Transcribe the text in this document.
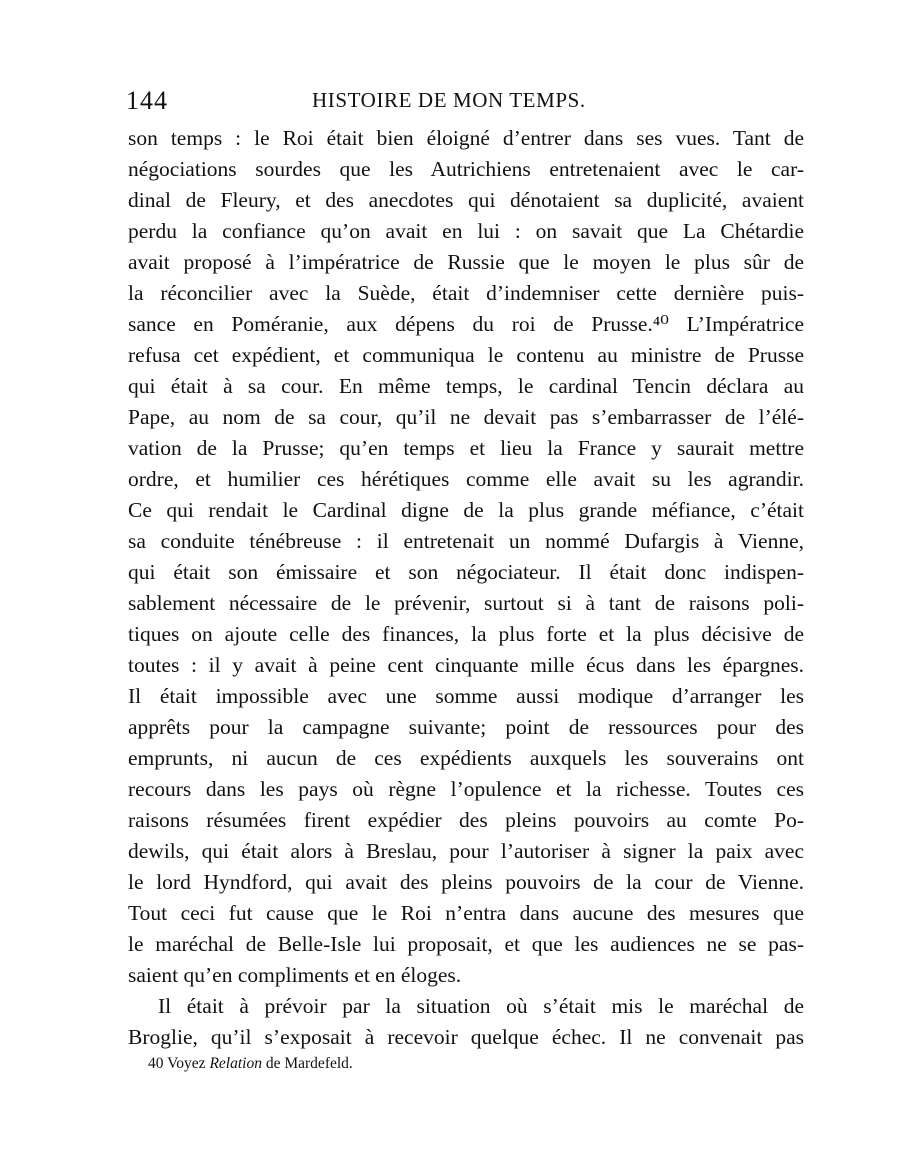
144	HISTOIRE DE MON TEMPS.
son temps : le Roi était bien éloigné d’entrer dans ses vues. Tant de
négociations sourdes que les Autrichiens entretenaient avec le car-
dinal de Fleury, et des anecdotes qui dénotaient sa duplicité, avaient
perdu la confiance qu’on avait en lui : on savait que La Chétardie
avait proposé à l’impératrice de Russie que le moyen le plus sûr de
la réconcilier avec la Suède, était d’indemniser cette dernière puis-
sance en Poméranie, aux dépens du roi de Prusse.⁴⁰ L’Impératrice
refusa cet expédient, et communiqua le contenu au ministre de Prusse
qui était à sa cour. En même temps, le cardinal Tencin déclara au
Pape, au nom de sa cour, qu’il ne devait pas s’embarrasser de l’élé-
vation de la Prusse; qu’en temps et lieu la France y saurait mettre
ordre, et humilier ces hérétiques comme elle avait su les agrandir.
Ce qui rendait le Cardinal digne de la plus grande méfiance, c’était
sa conduite ténébreuse : il entretenait un nommé Dufargis à Vienne,
qui était son émissaire et son négociateur. Il était donc indispen-
sablement nécessaire de le prévenir, surtout si à tant de raisons poli-
tiques on ajoute celle des finances, la plus forte et la plus décisive de
toutes : il y avait à peine cent cinquante mille écus dans les épargnes.
Il était impossible avec une somme aussi modique d’arranger les
apprêts pour la campagne suivante; point de ressources pour des
emprunts, ni aucun de ces expédients auxquels les souverains ont
recours dans les pays où règne l’opulence et la richesse. Toutes ces
raisons résumées firent expédier des pleins pouvoirs au comte Po-
dewils, qui était alors à Breslau, pour l’autoriser à signer la paix avec
le lord Hyndford, qui avait des pleins pouvoirs de la cour de Vienne.
Tout ceci fut cause que le Roi n’entra dans aucune des mesures que
le maréchal de Belle-Isle lui proposait, et que les audiences ne se pas-
saient qu’en compliments et en éloges.
Il était à prévoir par la situation où s’était mis le maréchal de
Broglie, qu’il s’exposait à recevoir quelque échec. Il ne convenait pas
40 Voyez Relation de Mardefeld.
